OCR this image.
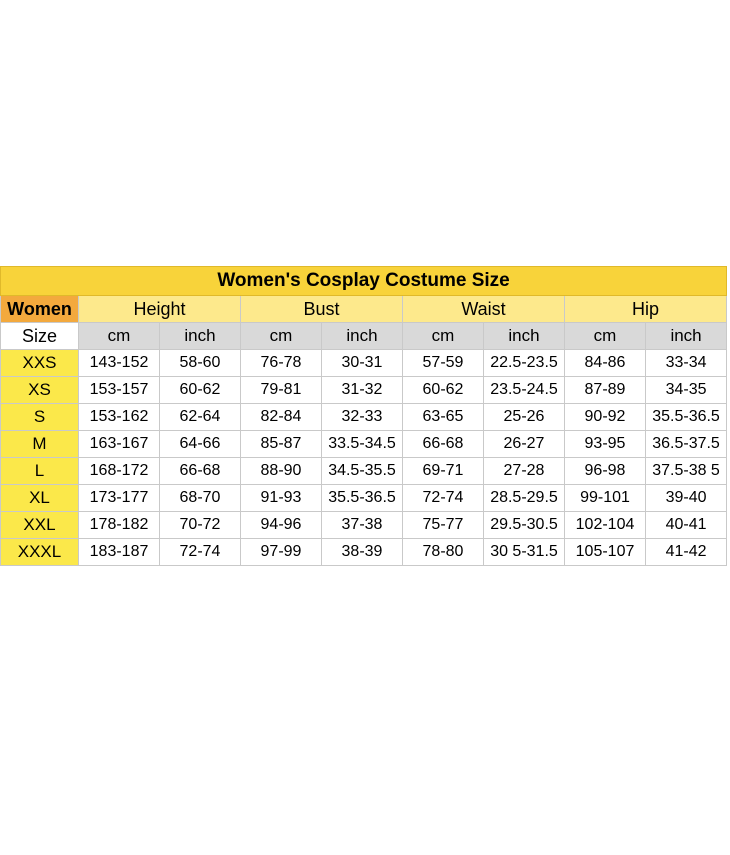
Women's Cosplay Costume Size								
Women	Height		Bust		Waist		Hip	
Size	cm	inch	cm	inch	cm	inch	cm	inch
XXS	143-152	58-60	76-78	30-31	57-59	22.5-23.5	84-86	33-34
XS	153-157	60-62	79-81	31-32	60-62	23.5-24.5	87-89	34-35
S	153-162	62-64	82-84	32-33	63-65	25-26	90-92	35.5-36.5
M	163-167	64-66	85-87	33.5-34.5	66-68	26-27	93-95	36.5-37.5
L	168-172	66-68	88-90	34.5-35.5	69-71	27-28	96-98	37.5-38 5
XL	173-177	68-70	91-93	35.5-36.5	72-74	28.5-29.5	99-101	39-40
XXL	178-182	70-72	94-96	37-38	75-77	29.5-30.5	102-104	40-41
XXXL	183-187	72-74	97-99	38-39	78-80	30 5-31.5	105-107	41-42
